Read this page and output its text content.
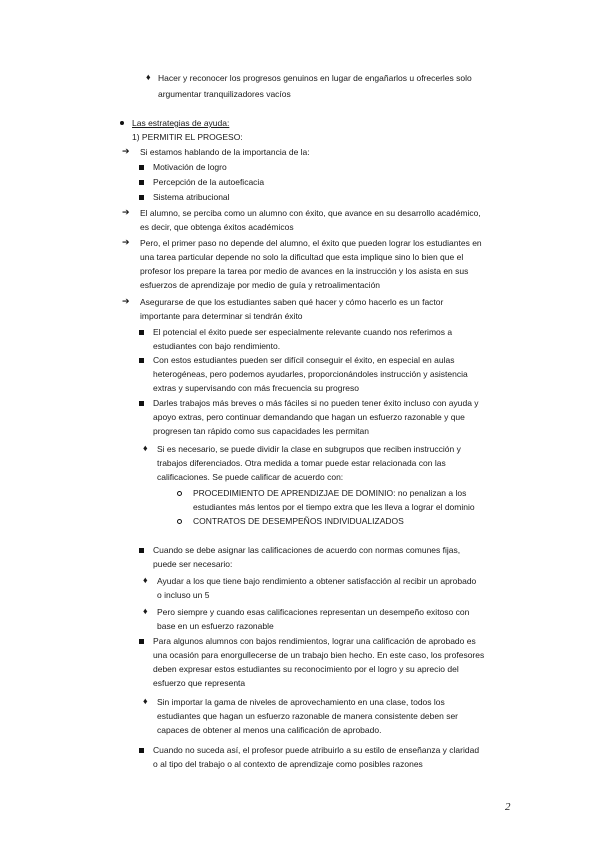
♦ Hacer y reconocer los progresos genuinos en lugar de engañarlos u ofrecerles solo
argumentar tranquilizadores vacíos
Las estrategias de ayuda:
1) PERMITIR EL PROGESO:
➔ Si estamos hablando de la importancia de la:
Motivación de logro
Percepción de la autoeficacia
Sistema atribucional
➔ El alumno, se perciba como un alumno con éxito, que avance en su desarrollo académico,
es decir, que obtenga éxitos académicos
➔ Pero, el primer paso no depende del alumno, el éxito que pueden lograr los estudiantes en
una tarea particular depende no solo la dificultad que esta implique sino lo bien que el
profesor los prepare la tarea por medio de avances en la instrucción y los asista en sus
esfuerzos de aprendizaje por medio de guía y retroalimentación
➔ Asegurarse de que los estudiantes saben qué hacer y cómo hacerlo es un factor
importante para determinar si tendrán éxito
El potencial el éxito puede ser especialmente relevante cuando nos referimos a
estudiantes con bajo rendimiento.
Con estos estudiantes pueden ser difícil conseguir el éxito, en especial en aulas
heterogéneas, pero podemos ayudarles, proporcionándoles instrucción y asistencia
extras y supervisando con más frecuencia su progreso
Darles trabajos más breves o más fáciles si no pueden tener éxito incluso con ayuda y
apoyo extras, pero continuar demandando que hagan un esfuerzo razonable y que
progresen tan rápido como sus capacidades les permitan
♦ Si es necesario, se puede dividir la clase en subgrupos que reciben instrucción y
trabajos diferenciados. Otra medida a tomar puede estar relacionada con las
calificaciones. Se puede calificar de acuerdo con:
PROCEDIMIENTO DE APRENDIZJAE DE DOMINIO: no penalizan a los
estudiantes más lentos por el tiempo extra que les lleva a lograr el dominio
CONTRATOS DE DESEMPEÑOS INDIVIDUALIZADOS
Cuando se debe asignar las calificaciones de acuerdo con normas comunes fijas,
puede ser necesario:
♦ Ayudar a los que tiene bajo rendimiento a obtener satisfacción al recibir un aprobado
o incluso un 5
♦ Pero siempre y cuando esas calificaciones representan un desempeño exitoso con
base en un esfuerzo razonable
Para algunos alumnos con bajos rendimientos, lograr una calificación de aprobado es
una ocasión para enorgullecerse de un trabajo bien hecho. En este caso, los profesores
deben expresar estos estudiantes su reconocimiento por el logro y su aprecio del
esfuerzo que representa
♦ Sin importar la gama de niveles de aprovechamiento en una clase, todos los
estudiantes que hagan un esfuerzo razonable de manera consistente deben ser
capaces de obtener al menos una calificación de aprobado.
Cuando no suceda así, el profesor puede atribuirlo a su estilo de enseñanza y claridad
o al tipo del trabajo o al contexto de aprendizaje como posibles razones
2
